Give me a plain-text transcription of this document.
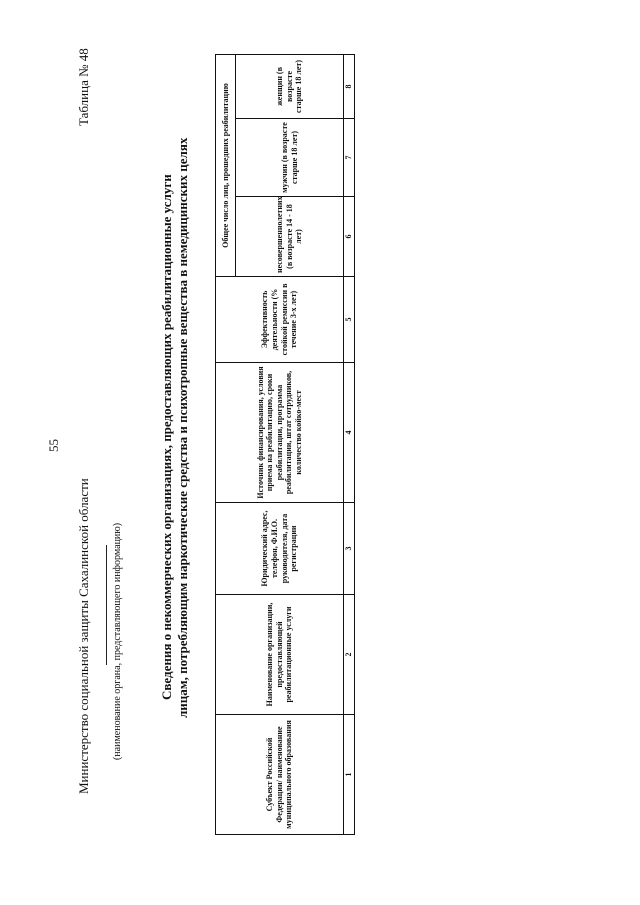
55
Министерство социальной защиты Сахалинской области (наименование органа, представляющего информацию)
Таблица № 48
Сведения о некоммерческих организациях, предоставляющих реабилитационные услуги лицам, потребляющим наркотические средства и психотропные вещества в немедицинских целях
Субъект Российской Федерации/ наименование муниципального образования	Наименование организации, предоставляющей реабилитационные услуги	Юридический адрес, телефон, Ф.И.О. руководителя, дата регистрации	Источник финансирования, условия приема на реабилитацию, сроки реабилитации, программа реабилитации, штат сотрудников, количество койко-мест	Эффективность деятельности (% стойкой ремиссии в течение 3-х лет)	Общее число лиц, прошедших реабилитацию		
					несовершеннолетних (в возрасте 14 - 18 лет)	мужчин (в возрасте старше 18 лет)	женщин (в возрасте старше 18 лет)
1	2	3	4	5	6	7	8
